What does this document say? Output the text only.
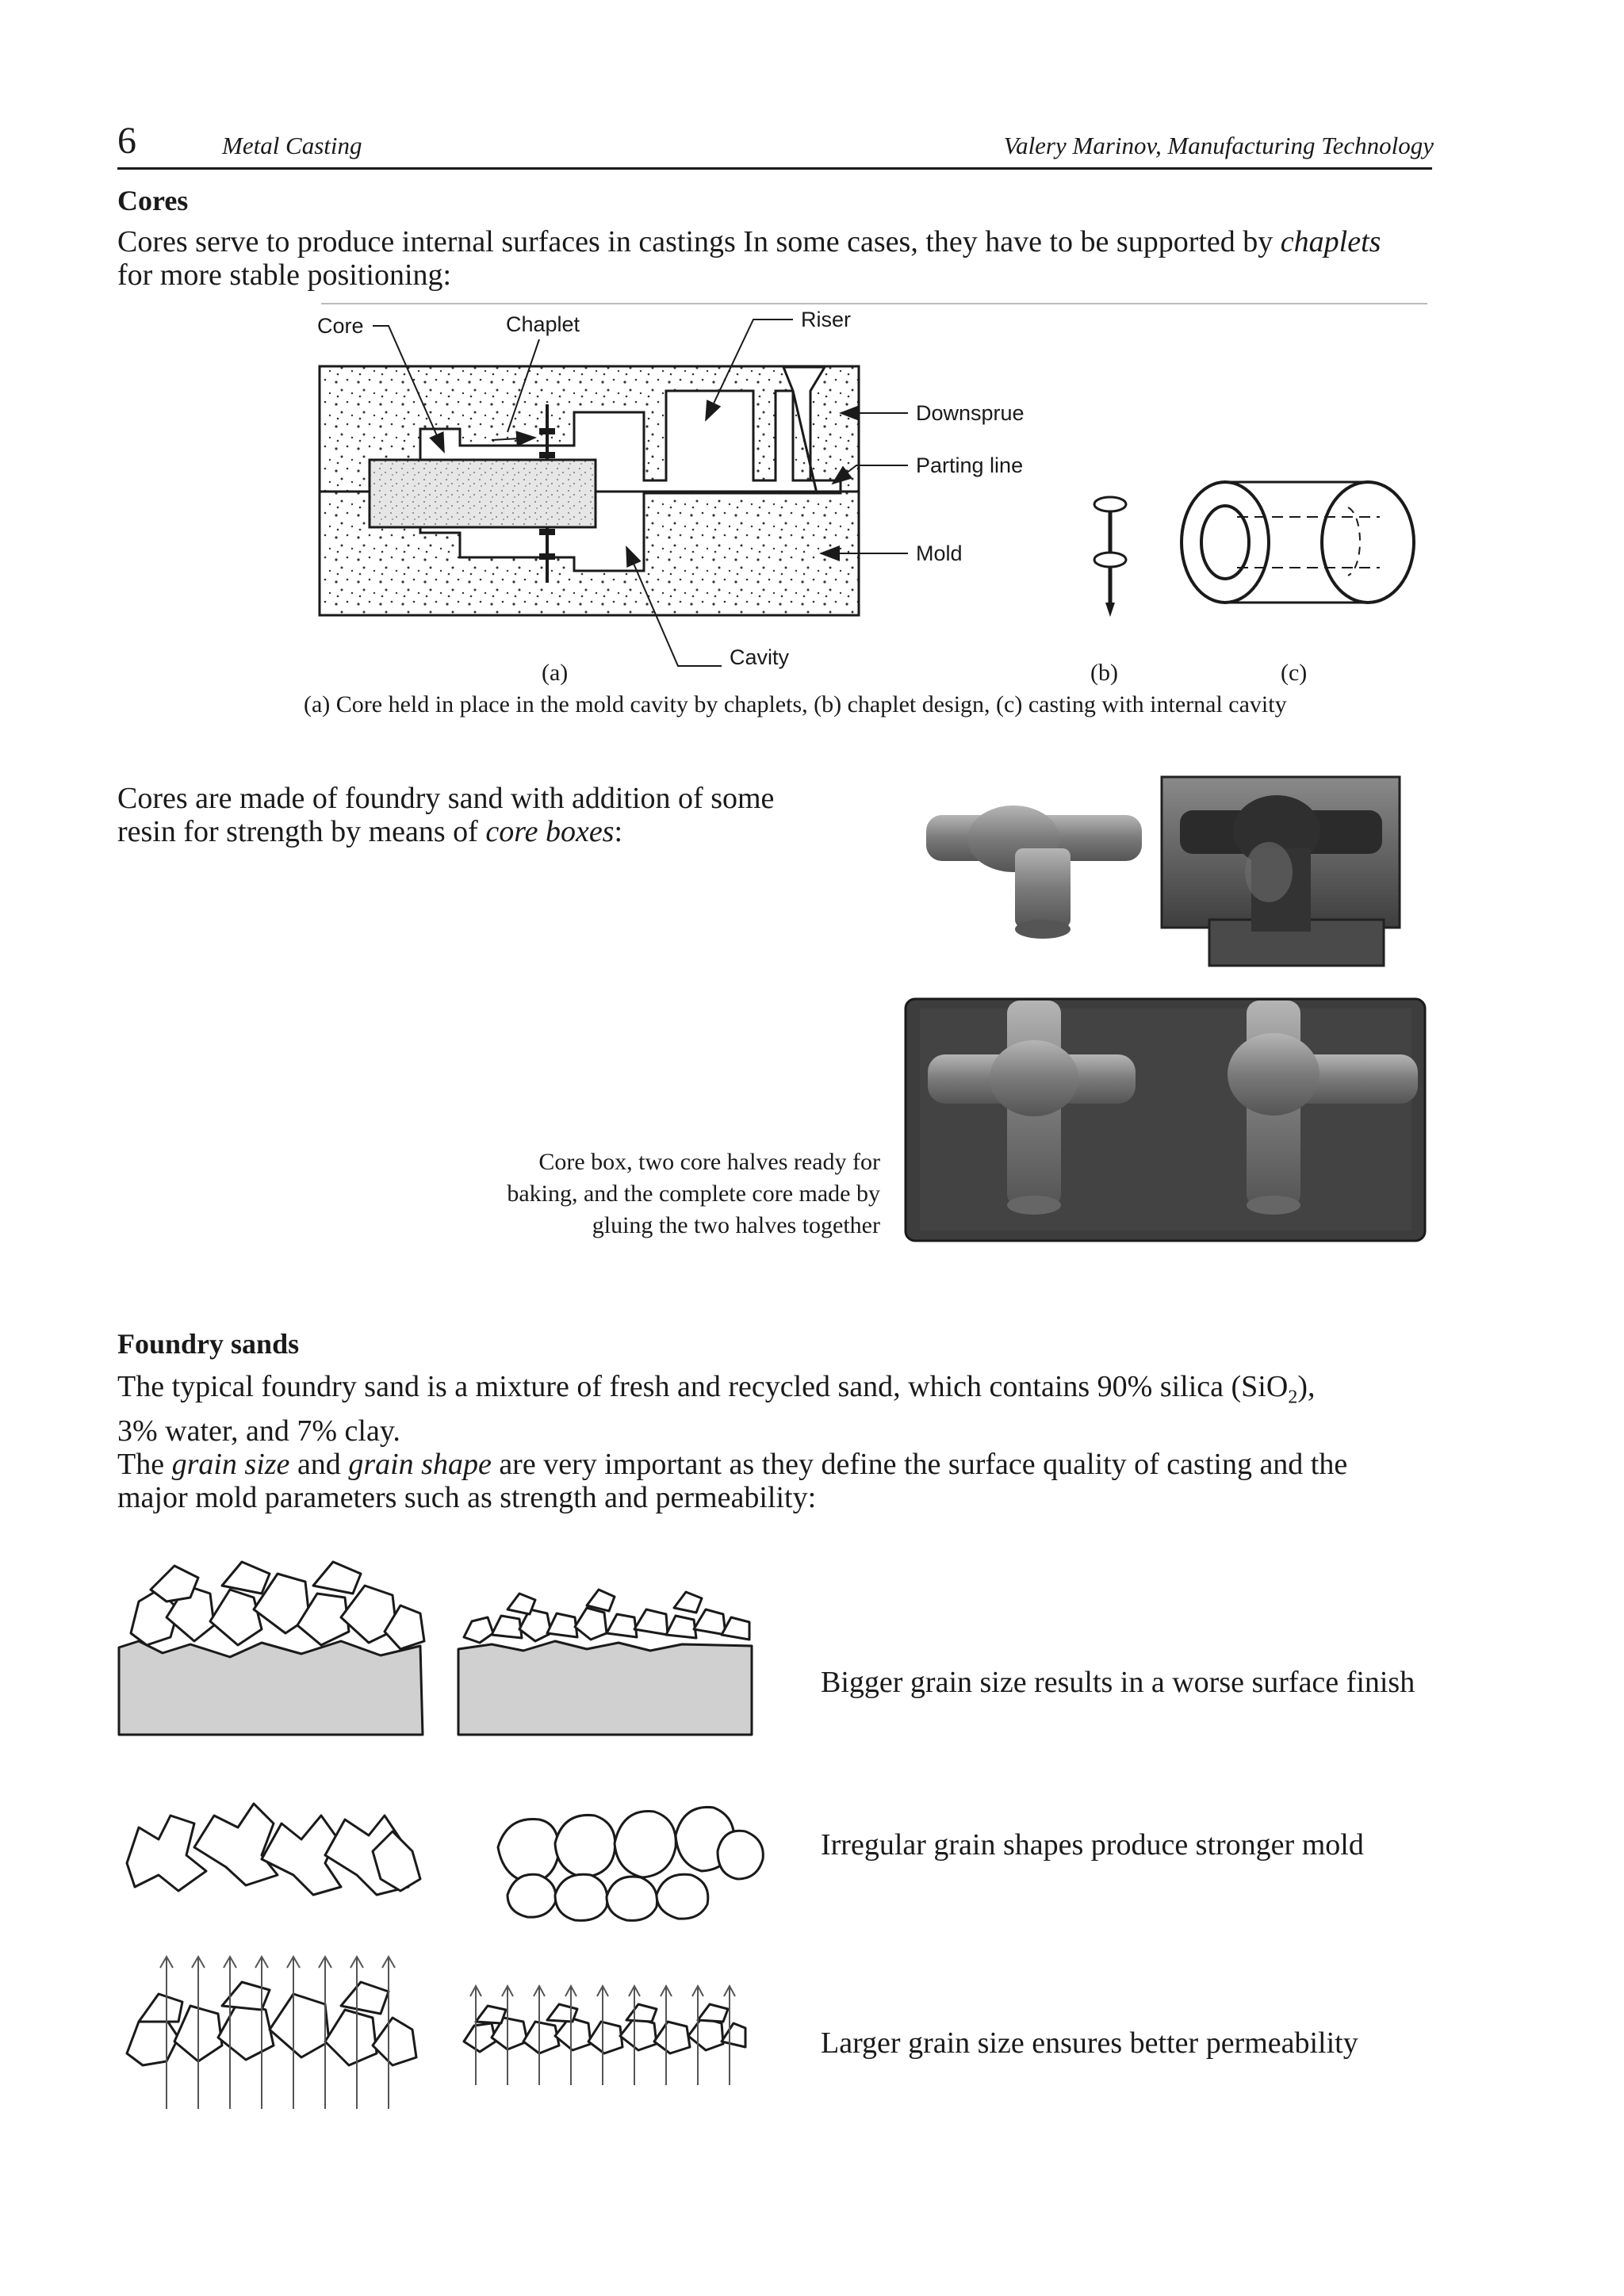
6	Metal Casting	Valery Marinov, Manufacturing Technology
Cores
Cores serve to produce internal surfaces in castings In some cases, they have to be supported by chaplets
for more stable positioning:
Core	Chaplet	Riser
Downsprue
Parting line
Mold
Cavity
(a)	(b)	(c)
(a) Core held in place in the mold cavity by chaplets, (b) chaplet design, (c) casting with internal cavity
Cores are made of foundry sand with addition of some
resin for strength by means of core boxes:
Core box, two core halves ready for
baking, and the complete core made by
gluing the two halves together
Foundry sands
The typical foundry sand is a mixture of fresh and recycled sand, which contains 90% silica (SiO$_2$),
3% water, and 7% clay.
The grain size and grain shape are very important as they define the surface quality of casting and the
major mold parameters such as strength and permeability:
Bigger grain size results in a worse surface finish
Irregular grain shapes produce stronger mold
Larger grain size ensures better permeability
